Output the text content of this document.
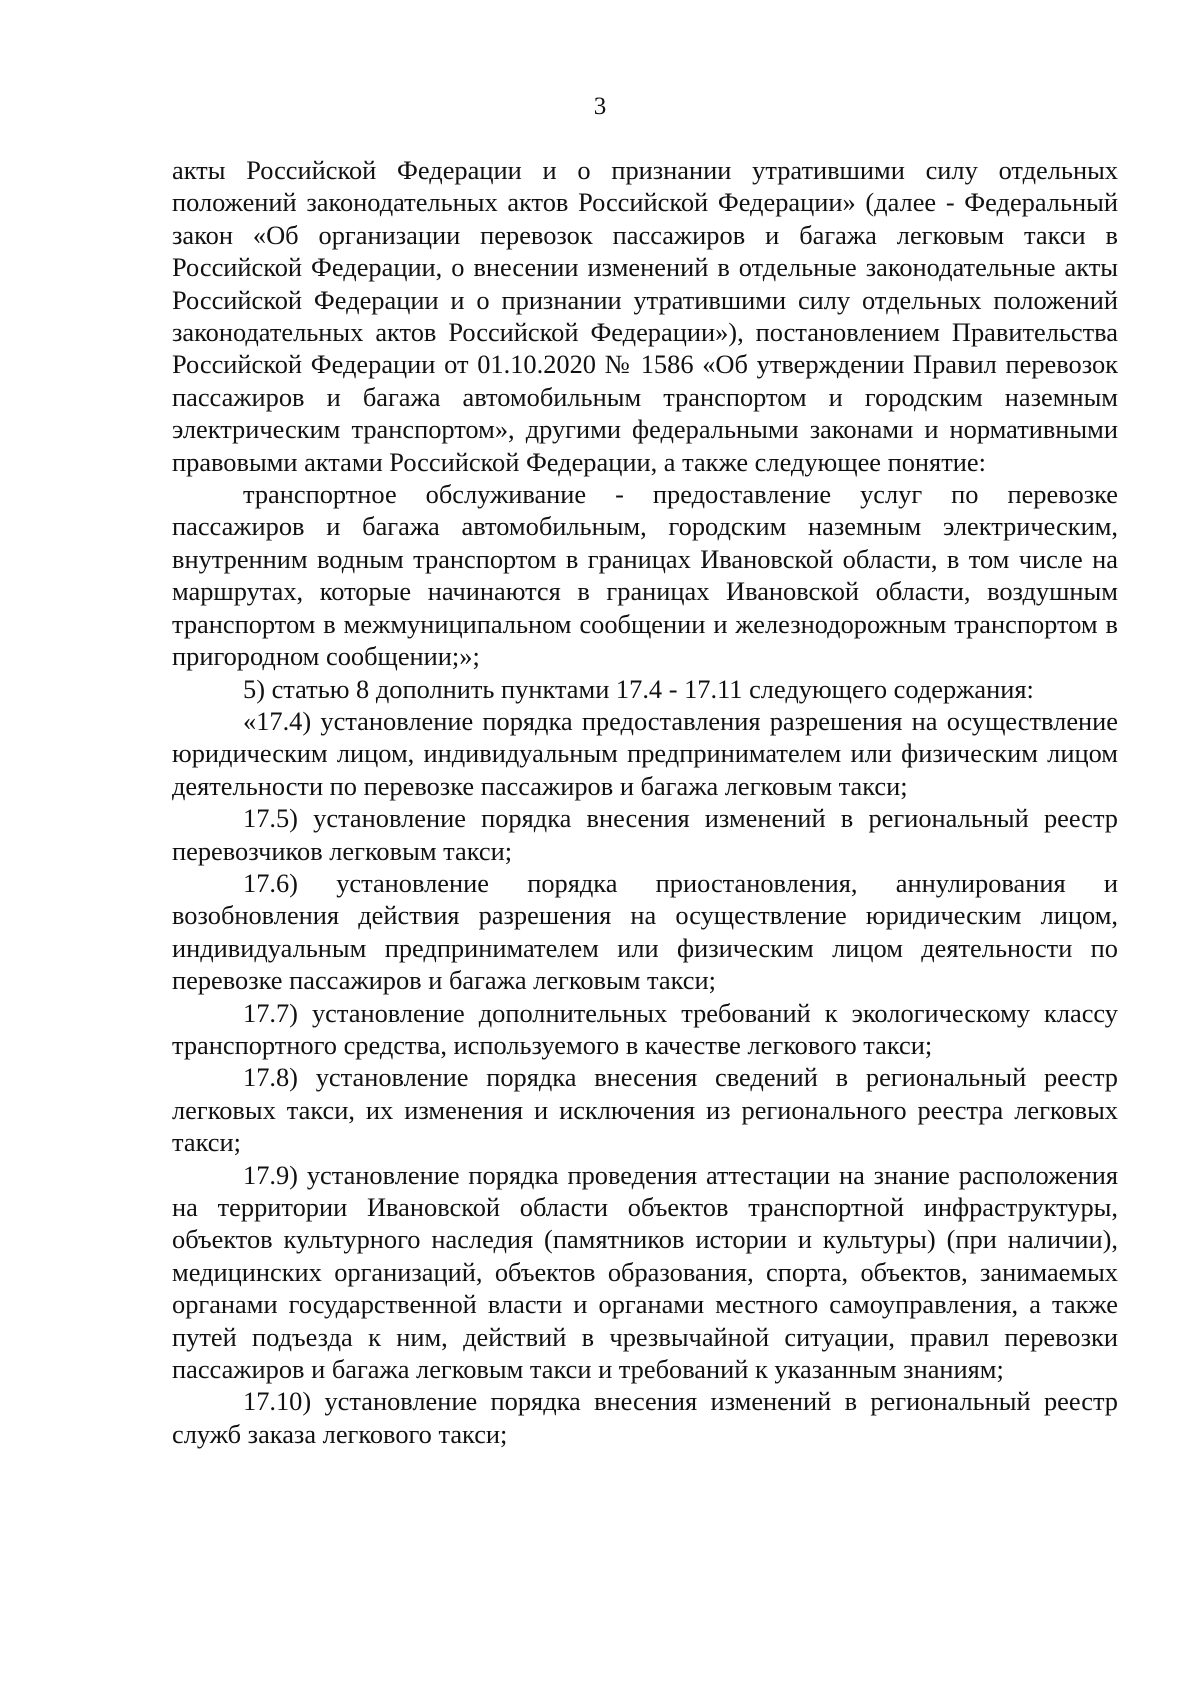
3

акты Российской Федерации и о признании утратившими силу отдельных положений законодательных актов Российской Федерации» (далее - Федеральный закон «Об организации перевозок пассажиров и багажа легковым такси в Российской Федерации, о внесении изменений в отдельные законодательные акты Российской Федерации и о признании утратившими силу отдельных положений законодательных актов Российской Федерации»), постановлением Правительства Российской Федерации от 01.10.2020 № 1586 «Об утверждении Правил перевозок пассажиров и багажа автомобильным транспортом и городским наземным электрическим транспортом», другими федеральными законами и нормативными правовыми актами Российской Федерации, а также следующее понятие:

транспортное обслуживание - предоставление услуг по перевозке пассажиров и багажа автомобильным, городским наземным электрическим, внутренним водным транспортом в границах Ивановской области, в том числе на маршрутах, которые начинаются в границах Ивановской области, воздушным транспортом в межмуниципальном сообщении и железнодорожным транспортом в пригородном сообщении;»;

5) статью 8 дополнить пунктами 17.4 - 17.11 следующего содержания:

«17.4) установление порядка предоставления разрешения на осуществление юридическим лицом, индивидуальным предпринимателем или физическим лицом деятельности по перевозке пассажиров и багажа легковым такси;

17.5) установление порядка внесения изменений в региональный реестр перевозчиков легковым такси;

17.6) установление порядка приостановления, аннулирования и возобновления действия разрешения на осуществление юридическим лицом, индивидуальным предпринимателем или физическим лицом деятельности по перевозке пассажиров и багажа легковым такси;

17.7) установление дополнительных требований к экологическому классу транспортного средства, используемого в качестве легкового такси;

17.8) установление порядка внесения сведений в региональный реестр легковых такси, их изменения и исключения из регионального реестра легковых такси;

17.9) установление порядка проведения аттестации на знание расположения на территории Ивановской области объектов транспортной инфраструктуры, объектов культурного наследия (памятников истории и культуры) (при наличии), медицинских организаций, объектов образования, спорта, объектов, занимаемых органами государственной власти и органами местного самоуправления, а также путей подъезда к ним, действий в чрезвычайной ситуации, правил перевозки пассажиров и багажа легковым такси и требований к указанным знаниям;

17.10) установление порядка внесения изменений в региональный реестр служб заказа легкового такси;
